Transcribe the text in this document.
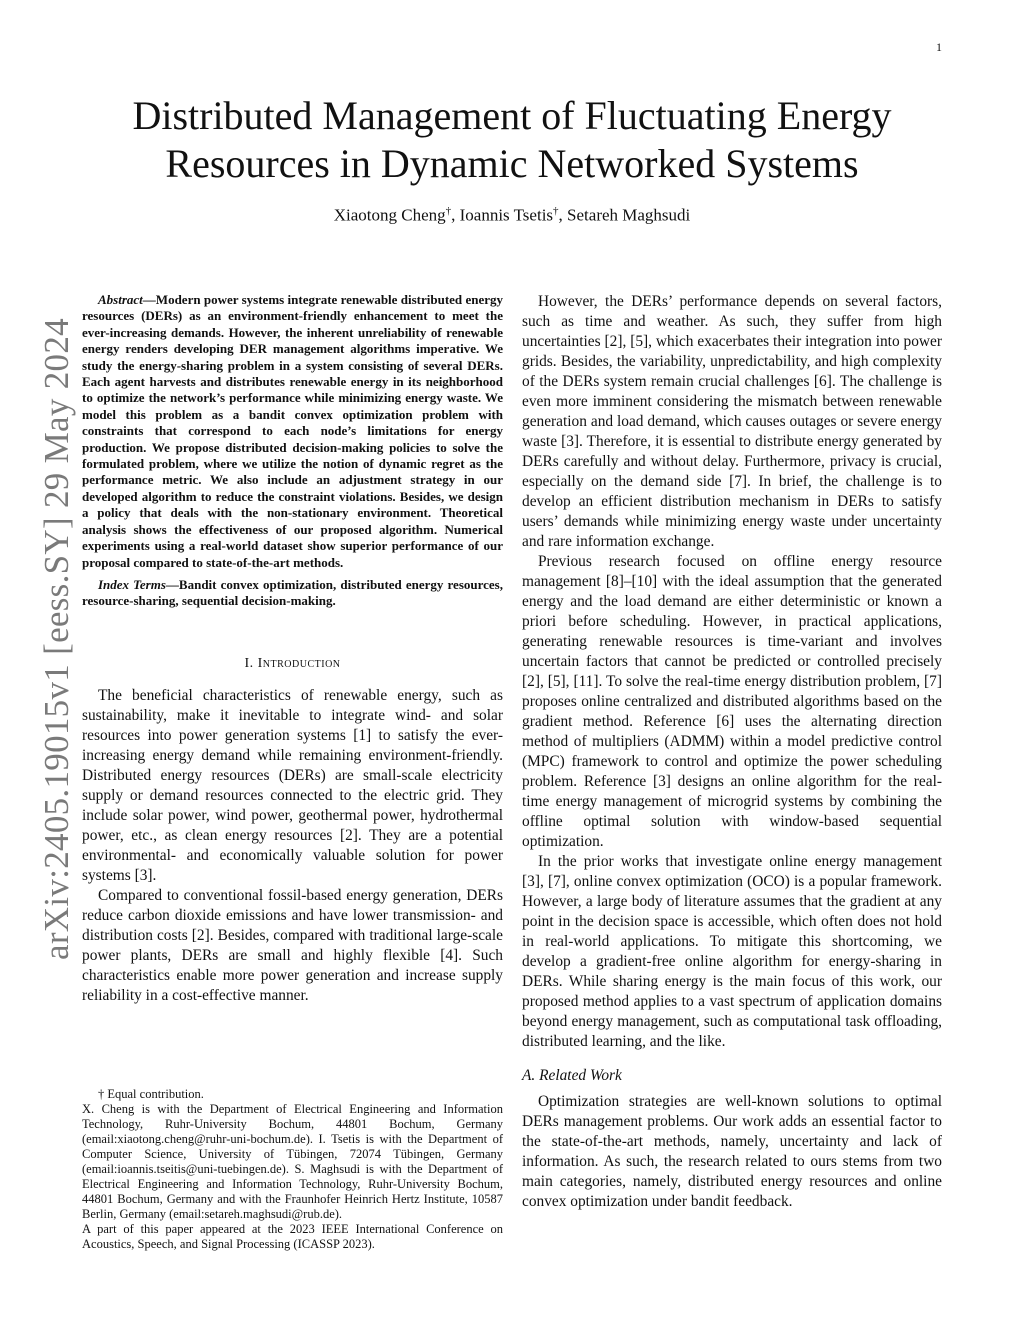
1
Distributed Management of Fluctuating Energy Resources in Dynamic Networked Systems
Xiaotong Cheng†, Ioannis Tsetis†, Setareh Maghsudi
arXiv:2405.19015v1 [eess.SY] 29 May 2024

Abstract—Modern power systems integrate renewable distributed energy resources (DERs) as an environment-friendly enhancement to meet the ever-increasing demands. However, the inherent unreliability of renewable energy renders developing DER management algorithms imperative. We study the energy-sharing problem in a system consisting of several DERs. Each agent harvests and distributes renewable energy in its neighborhood to optimize the network’s performance while minimizing energy waste. We model this problem as a bandit convex optimization problem with constraints that correspond to each node’s limitations for energy production. We propose distributed decision-making policies to solve the formulated problem, where we utilize the notion of dynamic regret as the performance metric. We also include an adjustment strategy in our developed algorithm to reduce the constraint violations. Besides, we design a policy that deals with the non-stationary environment. Theoretical analysis shows the effectiveness of our proposed algorithm. Numerical experiments using a real-world dataset show superior performance of our proposal compared to state-of-the-art methods.

Index Terms—Bandit convex optimization, distributed energy resources, resource-sharing, sequential decision-making.

I. Introduction

The beneficial characteristics of renewable energy, such as sustainability, make it inevitable to integrate wind- and solar resources into power generation systems [1] to satisfy the ever-increasing energy demand while remaining environment-friendly. Distributed energy resources (DERs) are small-scale electricity supply or demand resources connected to the electric grid. They include solar power, wind power, geothermal power, hydrothermal power, etc., as clean energy resources [2]. They are a potential environmental- and economically valuable solution for power systems [3].

Compared to conventional fossil-based energy generation, DERs reduce carbon dioxide emissions and have lower transmission- and distribution costs [2]. Besides, compared with traditional large-scale power plants, DERs are small and highly flexible [4]. Such characteristics enable more power generation and increase supply reliability in a cost-effective manner.

† Equal contribution.

X. Cheng is with the Department of Electrical Engineering and Information Technology, Ruhr-University Bochum, 44801 Bochum, Germany (email:xiaotong.cheng@ruhr-uni-bochum.de). I. Tsetis is with the Department of Computer Science, University of Tübingen, 72074 Tübingen, Germany (email:ioannis.tseitis@uni-tuebingen.de). S. Maghsudi is with the Department of Electrical Engineering and Information Technology, Ruhr-University Bochum, 44801 Bochum, Germany and with the Fraunhofer Heinrich Hertz Institute, 10587 Berlin, Germany (email:setareh.maghsudi@rub.de).

A part of this paper appeared at the 2023 IEEE International Conference on Acoustics, Speech, and Signal Processing (ICASSP 2023).

However, the DERs’ performance depends on several factors, such as time and weather. As such, they suffer from high uncertainties [2], [5], which exacerbates their integration into power grids. Besides, the variability, unpredictability, and high complexity of the DERs system remain crucial challenges [6]. The challenge is even more imminent considering the mismatch between renewable generation and load demand, which causes outages or severe energy waste [3]. Therefore, it is essential to distribute energy generated by DERs carefully and without delay. Furthermore, privacy is crucial, especially on the demand side [7]. In brief, the challenge is to develop an efficient distribution mechanism in DERs to satisfy users’ demands while minimizing energy waste under uncertainty and rare information exchange.

Previous research focused on offline energy resource management [8]–[10] with the ideal assumption that the generated energy and the load demand are either deterministic or known a priori before scheduling. However, in practical applications, generating renewable resources is time-variant and involves uncertain factors that cannot be predicted or controlled precisely [2], [5], [11]. To solve the real-time energy distribution problem, [7] proposes online centralized and distributed algorithms based on the gradient method. Reference [6] uses the alternating direction method of multipliers (ADMM) within a model predictive control (MPC) framework to control and optimize the power scheduling problem. Reference [3] designs an online algorithm for the real-time energy management of microgrid systems by combining the offline optimal solution with window-based sequential optimization.

In the prior works that investigate online energy management [3], [7], online convex optimization (OCO) is a popular framework. However, a large body of literature assumes that the gradient at any point in the decision space is accessible, which often does not hold in real-world applications. To mitigate this shortcoming, we develop a gradient-free online algorithm for energy-sharing in DERs. While sharing energy is the main focus of this work, our proposed method applies to a vast spectrum of application domains beyond energy management, such as computational task offloading, distributed learning, and the like.

A. Related Work

Optimization strategies are well-known solutions to optimal DERs management problems. Our work adds an essential factor to the state-of-the-art methods, namely, uncertainty and lack of information. As such, the research related to ours stems from two main categories, namely, distributed energy resources and online convex optimization under bandit feedback.
